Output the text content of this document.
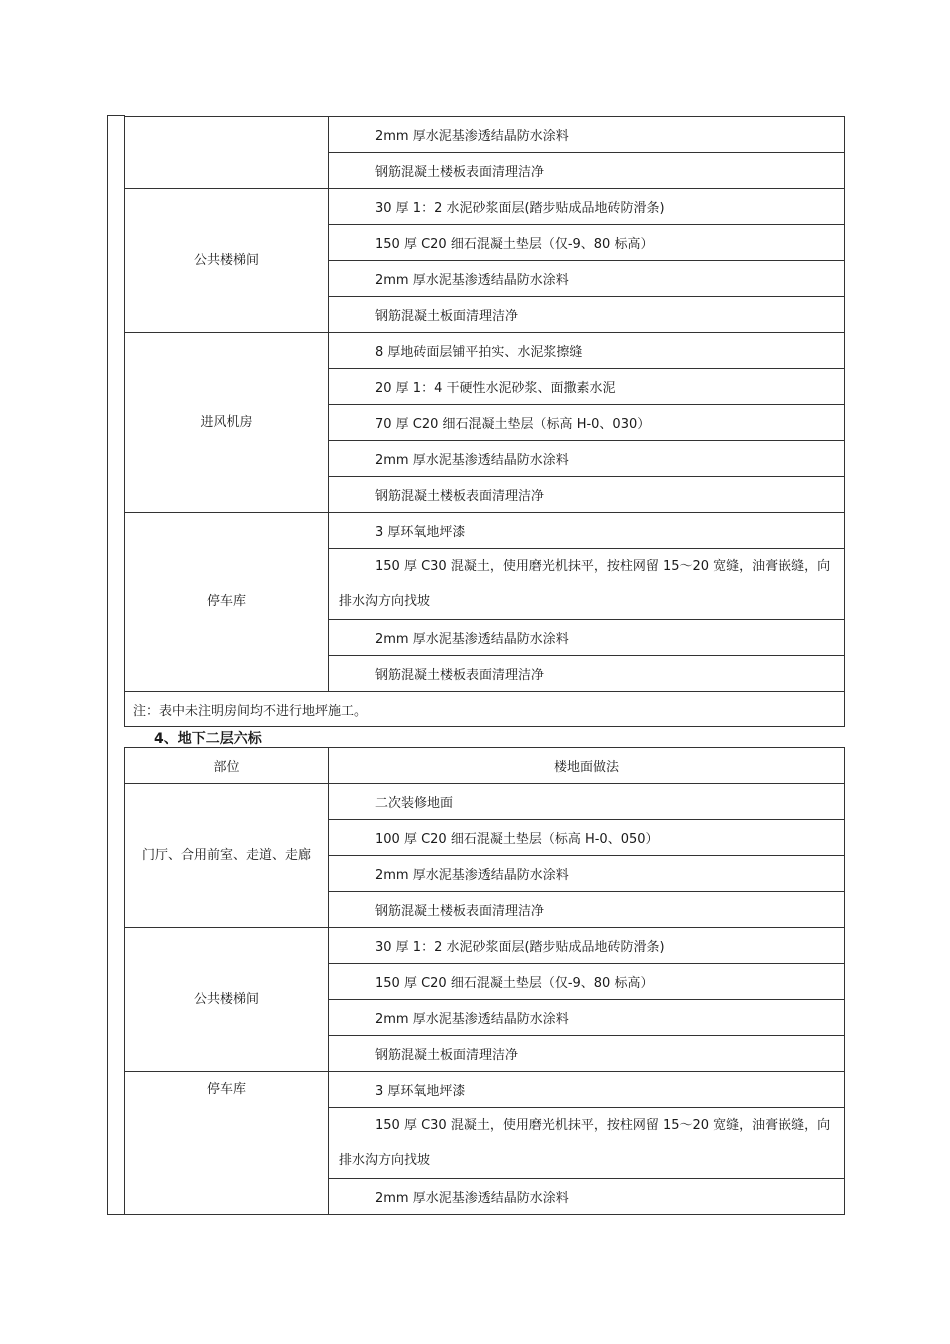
	2mm 厚水泥基渗透结晶防水涂料
	钢筋混凝土楼板表面清理洁净
公共楼梯间	30 厚 1：2 水泥砂浆面层(踏步贴成品地砖防滑条)
	150 厚 C20 细石混凝土垫层（仅-9、80 标高）
	2mm 厚水泥基渗透结晶防水涂料
	钢筋混凝土板面清理洁净
进风机房	8 厚地砖面层铺平拍实、水泥浆擦缝
	20 厚 1：4 干硬性水泥砂浆、面撒素水泥
	70 厚 C20 细石混凝土垫层（标高 H-0、030）
	2mm 厚水泥基渗透结晶防水涂料
	钢筋混凝土楼板表面清理洁净
停车库	3 厚环氧地坪漆
	150 厚 C30 混凝土，使用磨光机抹平，按柱网留 15～20 宽缝，油膏嵌缝，向排水沟方向找坡
	2mm 厚水泥基渗透结晶防水涂料
	钢筋混凝土楼板表面清理洁净
注：表中未注明房间均不进行地坪施工。	
4、地下二层六标
部位	楼地面做法
门厅、合用前室、走道、走廊	二次装修地面
	100 厚 C20 细石混凝土垫层（标高 H-0、050）
	2mm 厚水泥基渗透结晶防水涂料
	钢筋混凝土楼板表面清理洁净
公共楼梯间	30 厚 1：2 水泥砂浆面层(踏步贴成品地砖防滑条)
	150 厚 C20 细石混凝土垫层（仅-9、80 标高）
	2mm 厚水泥基渗透结晶防水涂料
	钢筋混凝土板面清理洁净
停车库	3 厚环氧地坪漆
	150 厚 C30 混凝土，使用磨光机抹平，按柱网留 15～20 宽缝，油膏嵌缝，向排水沟方向找坡
	2mm 厚水泥基渗透结晶防水涂料
